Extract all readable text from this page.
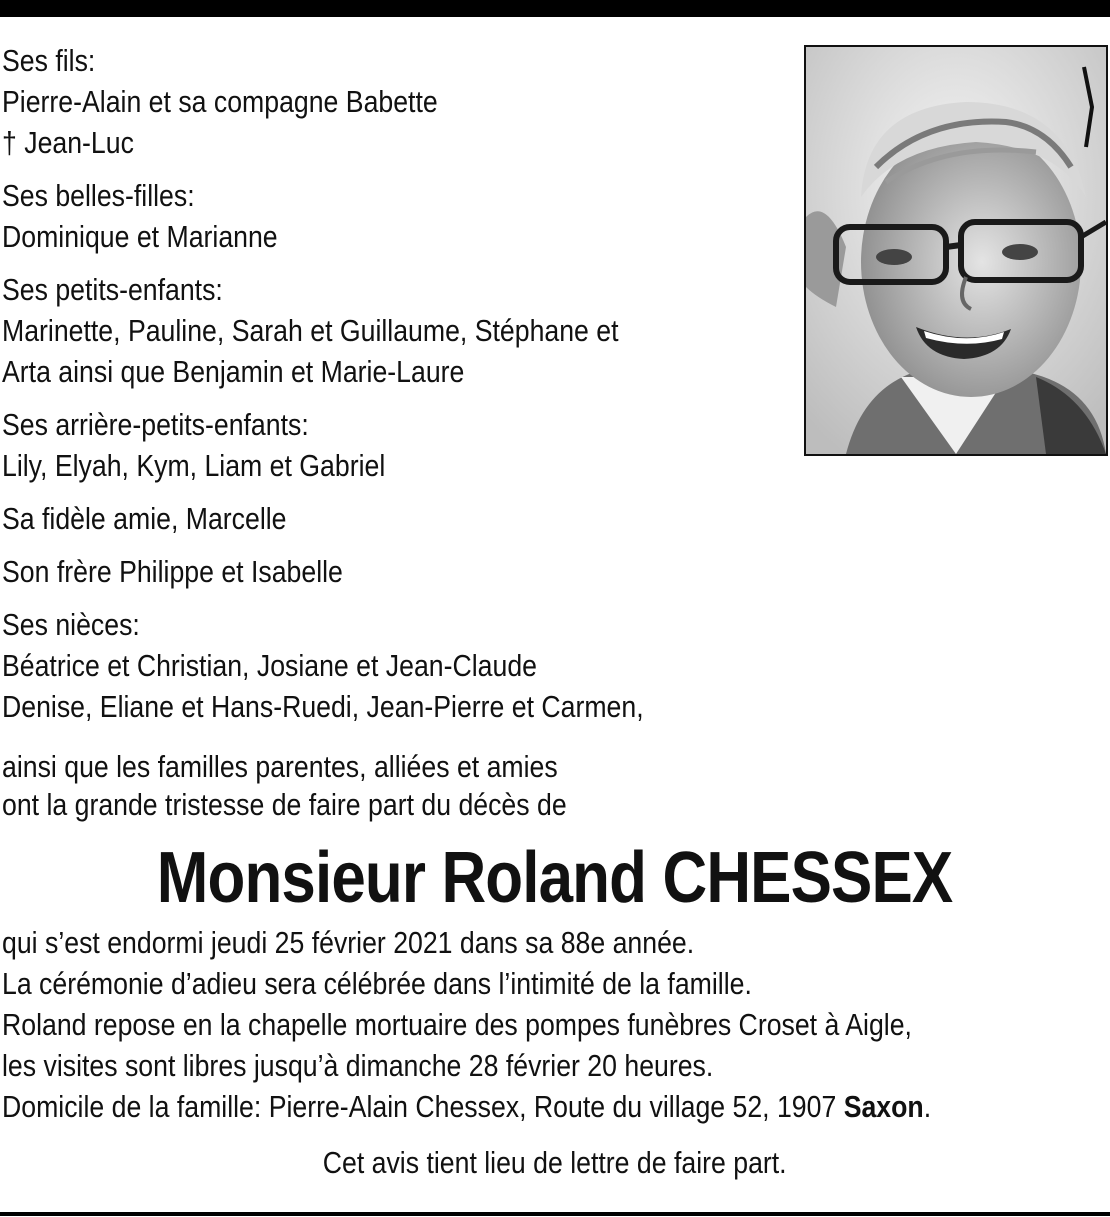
Ses fils:
Pierre-Alain et sa compagne Babette
† Jean-Luc
Ses belles-filles:
Dominique et Marianne
Ses petits-enfants:
Marinette, Pauline, Sarah et Guillaume, Stéphane et
Arta ainsi que Benjamin et Marie-Laure
Ses arrière-petits-enfants:
Lily, Elyah, Kym, Liam et Gabriel
Sa fidèle amie, Marcelle
Son frère Philippe et Isabelle
Ses nièces:
Béatrice et Christian, Josiane et Jean-Claude
Denise, Eliane et Hans-Ruedi, Jean-Pierre et Carmen,
ainsi que les familles parentes, alliées et amies
ont la grande tristesse de faire part du décès de
Monsieur Roland CHESSEX
qui s’est endormi jeudi 25 février 2021 dans sa 88e année.
La cérémonie d’adieu sera célébrée dans l’intimité de la famille.
Roland repose en la chapelle mortuaire des pompes funèbres Croset à Aigle,
les visites sont libres jusqu’à dimanche 28 février 20 heures.
Domicile de la famille: Pierre-Alain Chessex, Route du village 52, 1907 Saxon.
Cet avis tient lieu de lettre de faire part.
